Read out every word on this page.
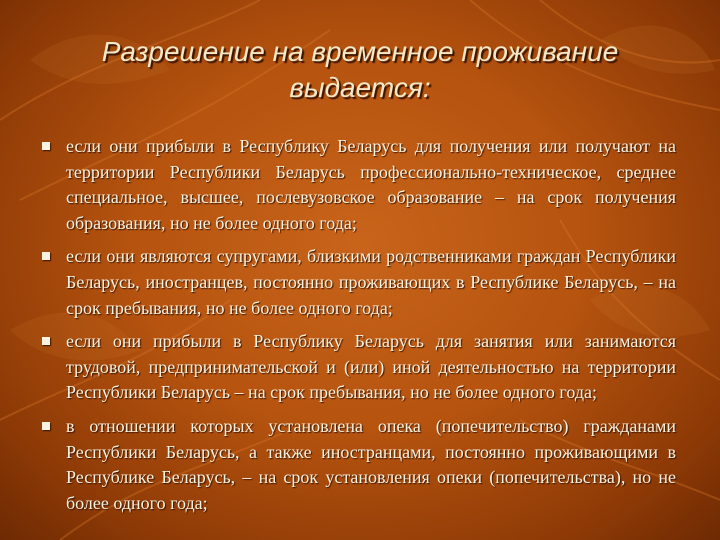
Разрешение на временное проживание
выдается:
если они прибыли в Республику Беларусь для получения или получают на территории Республики Беларусь профессионально-техническое, среднее специальное, высшее, послевузовское образование – на срок получения образования, но не более одного года;
если они являются супругами, близкими родственниками граждан Республики Беларусь, иностранцев, постоянно проживающих в Республике Беларусь, – на срок пребывания, но не более одного года;
если они прибыли в Республику Беларусь для занятия или занимаются трудовой, предпринимательской и (или) иной деятельностью на территории Республики Беларусь – на срок пребывания, но не более одного года;
в отношении которых установлена опека (попечительство) гражданами Республики Беларусь, а также иностранцами, постоянно проживающими в Республике Беларусь, – на срок установления опеки (попечительства), но не более одного года;
